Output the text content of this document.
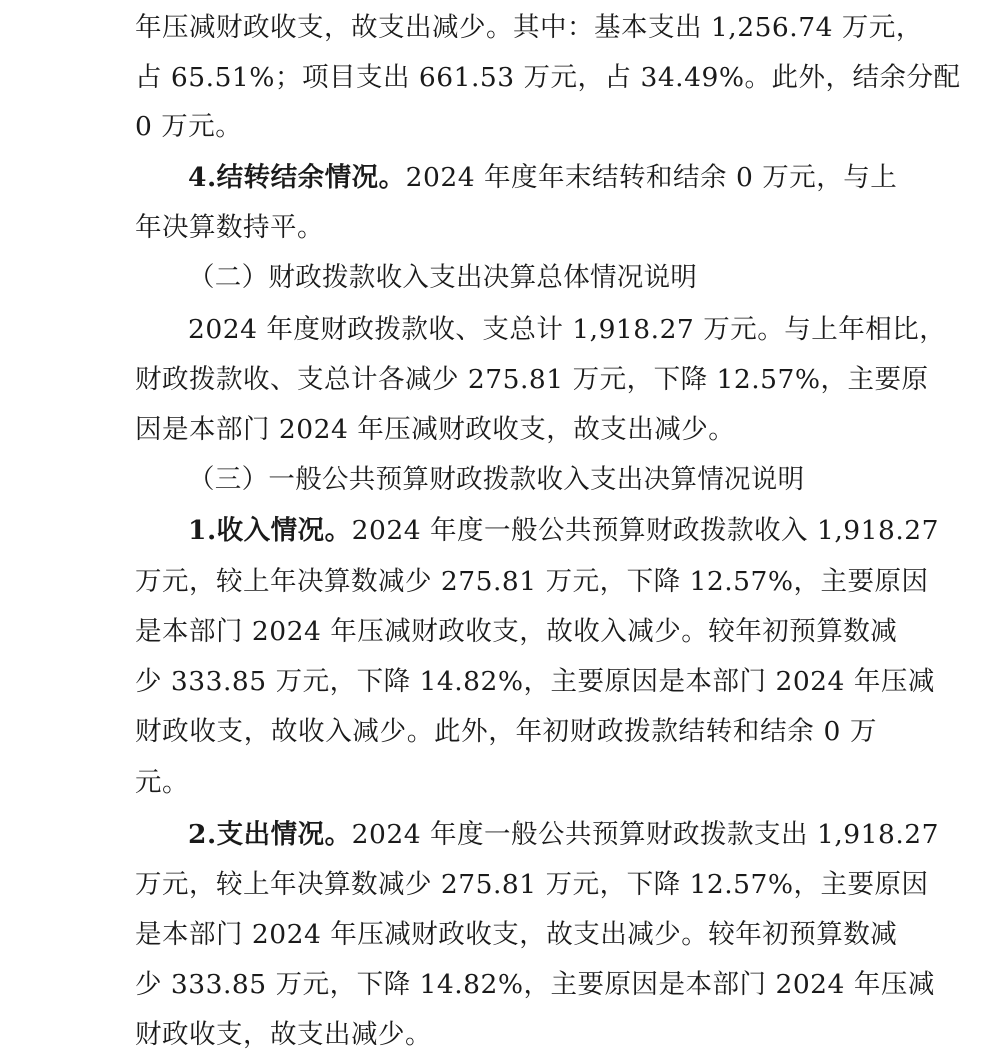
年压减财政收支，故支出减少。其中：基本支出 1,256.74 万元，
占 65.51%；项目支出 661.53 万元，占 34.49%。此外，结余分配
0 万元。
4.结转结余情况。2024 年度年末结转和结余 0 万元，与上
年决算数持平。
（二）财政拨款收入支出决算总体情况说明
2024 年度财政拨款收、支总计 1,918.27 万元。与上年相比，
财政拨款收、支总计各减少 275.81 万元，下降 12.57%，主要原
因是本部门 2024 年压减财政收支，故支出减少。
（三）一般公共预算财政拨款收入支出决算情况说明
1.收入情况。2024 年度一般公共预算财政拨款收入 1,918.27
万元，较上年决算数减少 275.81 万元，下降 12.57%，主要原因
是本部门 2024 年压减财政收支，故收入减少。较年初预算数减
少 333.85 万元，下降 14.82%，主要原因是本部门 2024 年压减
财政收支，故收入减少。此外，年初财政拨款结转和结余 0 万
元。
2.支出情况。2024 年度一般公共预算财政拨款支出 1,918.27
万元，较上年决算数减少 275.81 万元，下降 12.57%，主要原因
是本部门 2024 年压减财政收支，故支出减少。较年初预算数减
少 333.85 万元，下降 14.82%，主要原因是本部门 2024 年压减
财政收支，故支出减少。
